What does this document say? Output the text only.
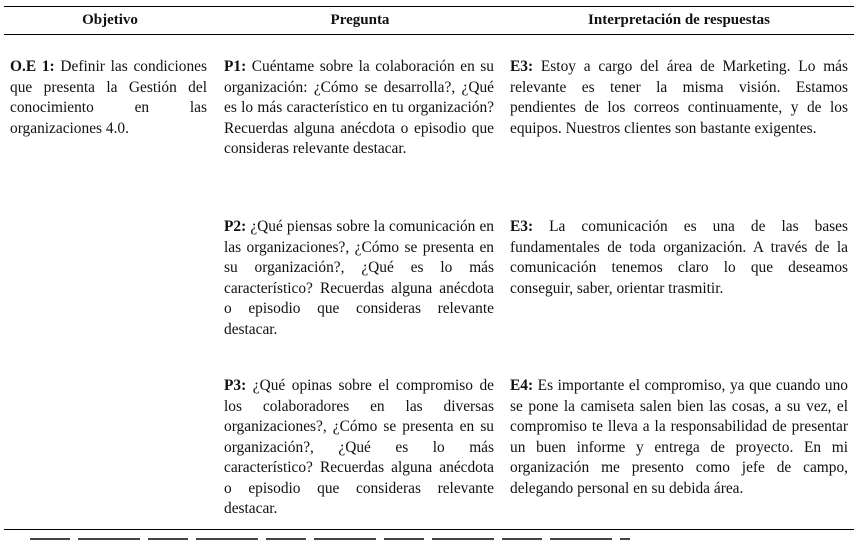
Objetivo	Pregunta	Interpretación de respuestas
O.E 1: Definir las condiciones que presenta la Gestión del conocimiento en las organizaciones 4.0.
P1: Cuéntame sobre la colaboración en su organización: ¿Cómo se desarrolla?, ¿Qué es lo más característico en tu organización? Recuerdas alguna anécdota o episodio que consideras relevante destacar.
E3: Estoy a cargo del área de Marketing. Lo más relevante es tener la misma visión. Estamos pendientes de los correos continuamente, y de los equipos. Nuestros clientes son bastante exigentes.
P2: ¿Qué piensas sobre la comunicación en las organizaciones?, ¿Cómo se presenta en su organización?, ¿Qué es lo más característico? Recuerdas alguna anécdota o episodio que consideras relevante destacar.
E3: La comunicación es una de las bases fundamentales de toda organización. A través de la comunicación tenemos claro lo que deseamos conseguir, saber, orientar trasmitir.
P3: ¿Qué opinas sobre el compromiso de los colaboradores en las diversas organizaciones?, ¿Cómo se presenta en su organización?, ¿Qué es lo más característico? Recuerdas alguna anécdota o episodio que consideras relevante destacar.
E4: Es importante el compromiso, ya que cuando uno se pone la camiseta salen bien las cosas, a su vez, el compromiso te lleva a la responsabilidad de presentar un buen informe y entrega de proyecto. En mi organización me presento como jefe de campo, delegando personal en su debida área.
